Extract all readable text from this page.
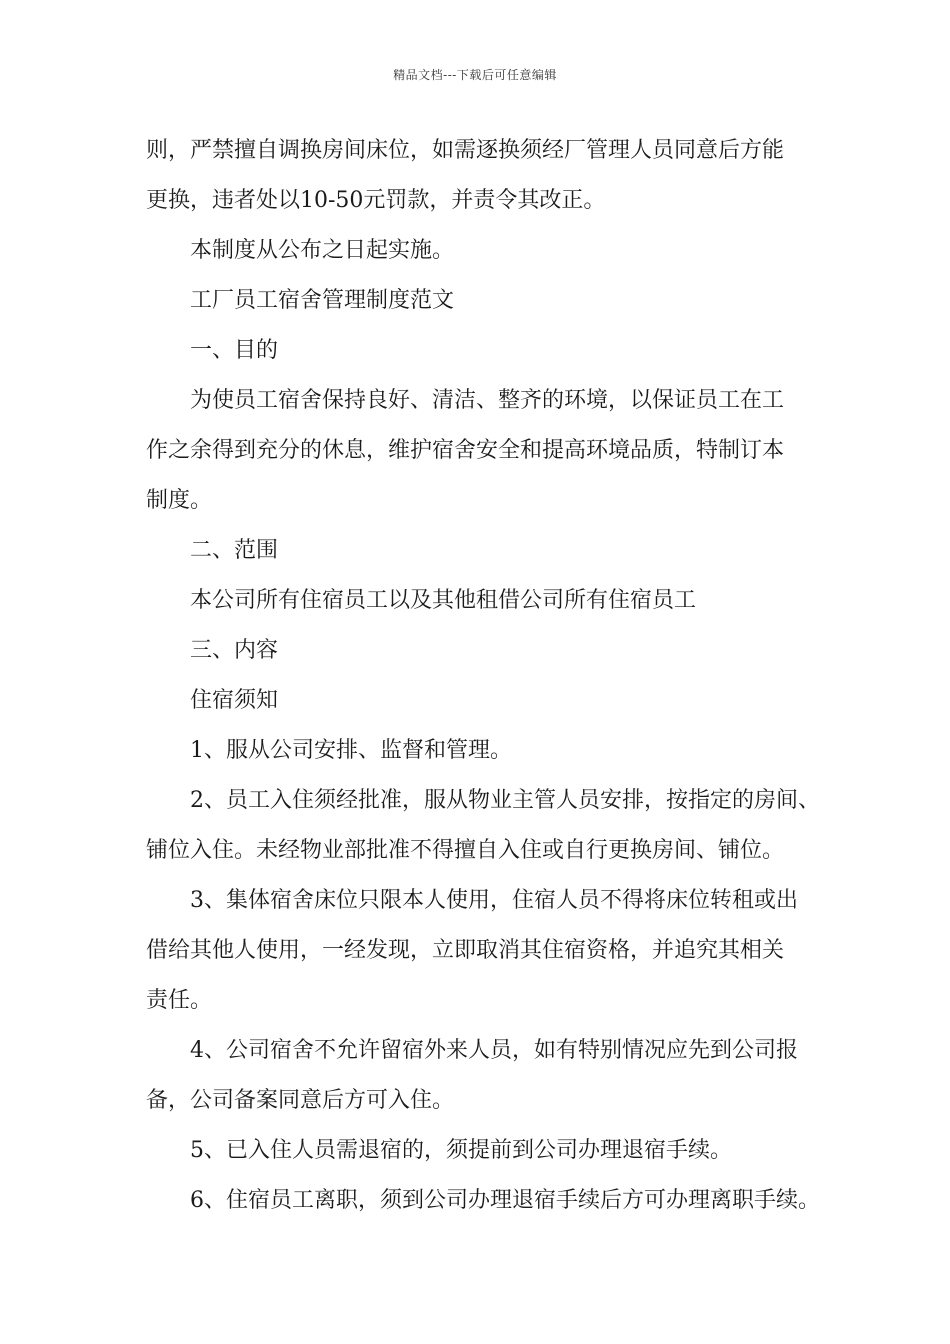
精品文档---下载后可任意编辑
则，严禁擅自调换房间床位，如需逐换须经厂管理人员同意后方能
更换，违者处以10-50元罚款，并责令其改正。
本制度从公布之日起实施。
工厂员工宿舍管理制度范文
一、目的
为使员工宿舍保持良好、清洁、整齐的环境，以保证员工在工
作之余得到充分的休息，维护宿舍安全和提高环境品质，特制订本
制度。
二、范围
本公司所有住宿员工以及其他租借公司所有住宿员工
三、内容
住宿须知
1、服从公司安排、监督和管理。
2、员工入住须经批准，服从物业主管人员安排，按指定的房间、
铺位入住。未经物业部批准不得擅自入住或自行更换房间、铺位。
3、集体宿舍床位只限本人使用，住宿人员不得将床位转租或出
借给其他人使用，一经发现，立即取消其住宿资格，并追究其相关
责任。
4、公司宿舍不允许留宿外来人员，如有特别情况应先到公司报
备，公司备案同意后方可入住。
5、已入住人员需退宿的，须提前到公司办理退宿手续。
6、住宿员工离职，须到公司办理退宿手续后方可办理离职手续。
